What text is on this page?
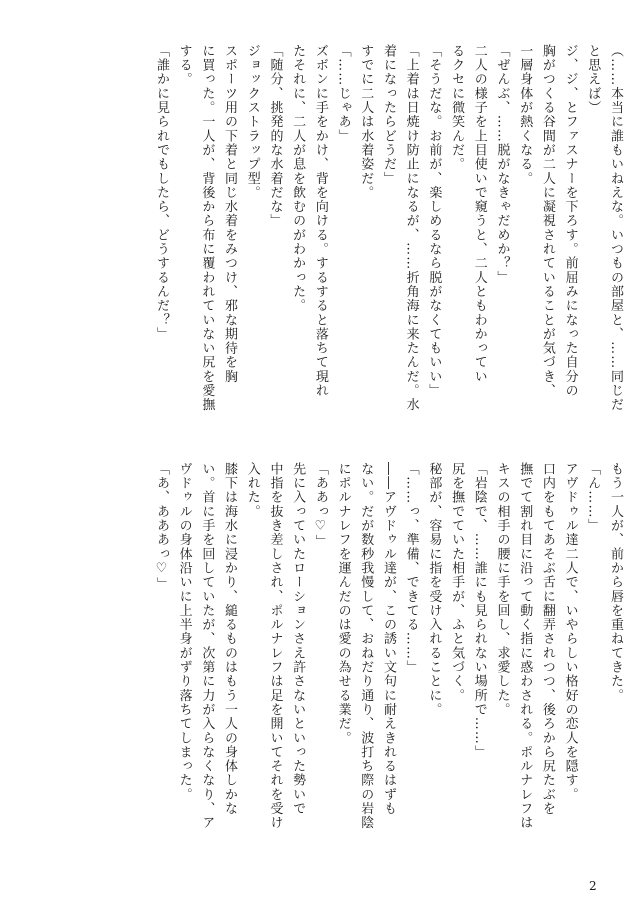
（……本当に誰もいねえな。いつもの部屋と、……同じだ
と思えば）
ジ、ジ、とファスナーを下ろす。前屈みになった自分の
胸がつくる谷間が二人に凝視されていることが気づき、
一層身体が熱くなる。
「ぜんぶ、……脱がなきゃだめか？」
二人の様子を上目使いで窺うと、二人ともわかってい
るクセに微笑んだ。
「そうだな。お前が、楽しめるなら脱がなくてもいい」
「上着は日焼け防止になるが、……折角海に来たんだ。水
着になったらどうだ」
すでに二人は水着姿だ。
「……じゃあ」
ズボンに手をかけ、背を向ける。するすると落ちて現れ
たそれに、二人が息を飲むのがわかった。
「随分、挑発的な水着だな」
ジョックストラップ型。
スポーツ用の下着と同じ水着をみつけ、邪な期待を胸
に買った。一人が、背後から布に覆われていない尻を愛撫
する。
「誰かに見られでもしたら、どうするんだ？」
もう一人が、前から唇を重ねてきた。
「ん……」
アヴドゥル達二人で、いやらしい格好の恋人を隠す。
口内をもてあそぶ舌に翻弄されつつ、後ろから尻たぶを
撫でて割れ目に沿って動く指に惑わされる。ポルナレフは
キスの相手の腰に手を回し、求愛した。
「岩陰で、……誰にも見られない場所で……」
尻を撫でていた相手が、ふと気づく。
秘部が、容易に指を受け入れることに。
「……っ、準備、できてる……」
――アヴドゥル達が、この誘い文句に耐えきれるはずも
ない。だが数秒我慢して、おねだり通り、波打ち際の岩陰
にポルナレフを運んだのは愛の為せる業だ。
「ああっ♡」
先に入っていたローションさえ許さないといった勢いで
中指を抜き差しされ、ポルナレフは足を開いてそれを受け
入れた。
膝下は海水に浸かり、縋るものはもう一人の身体しかな
い。首に手を回していたが、次第に力が入らなくなり、ア
ヴドゥルの身体沿いに上半身がずり落ちてしまった。
「あ、あああっ♡」
2
